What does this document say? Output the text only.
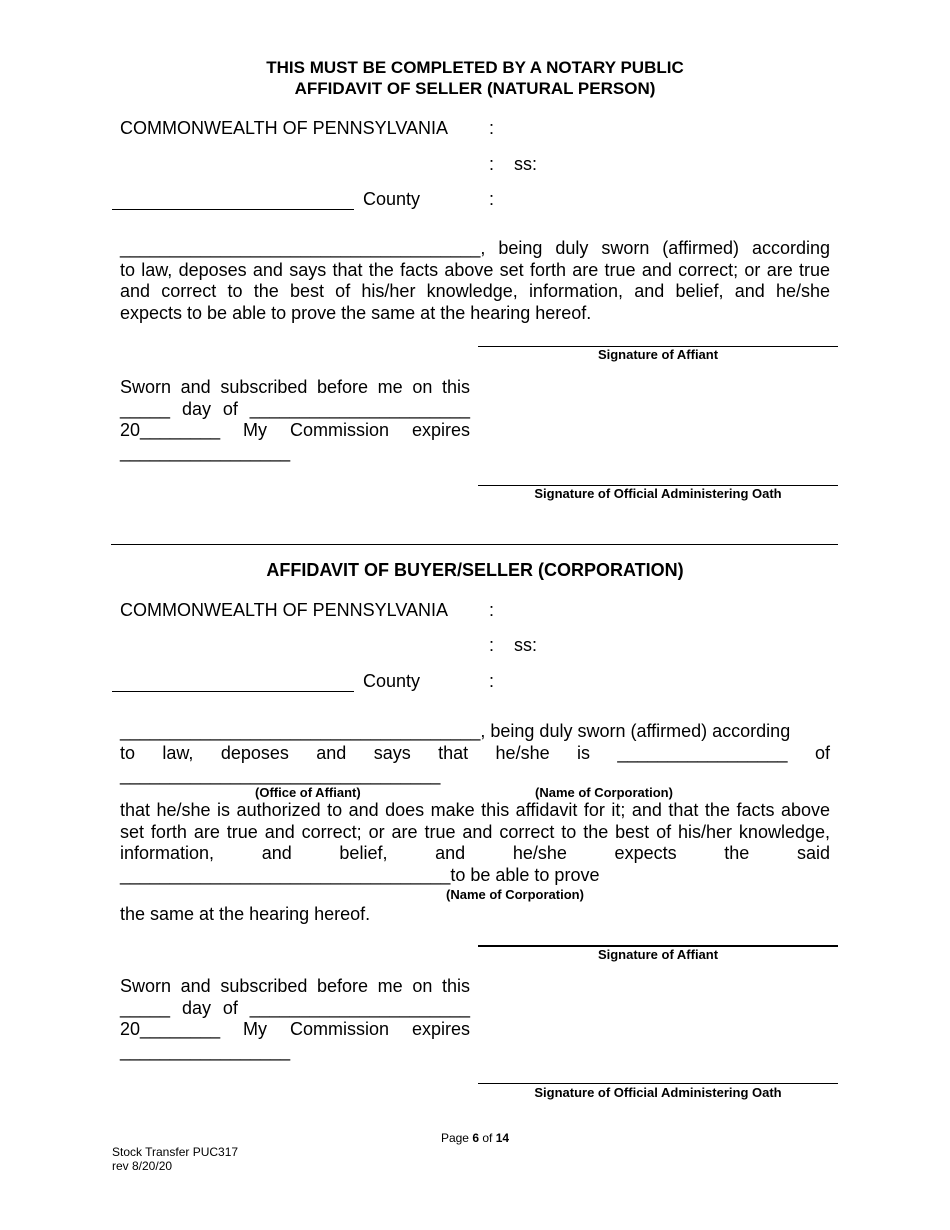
THIS MUST BE COMPLETED BY A NOTARY PUBLIC
AFFIDAVIT OF SELLER (NATURAL PERSON)
COMMONWEALTH OF PENNSYLVANIA :
: ss:
County	:
____________________________________, being duly sworn (affirmed) according
to law, deposes and says that the facts above set forth are true and correct; or are true
and correct to the best of his/her knowledge, information, and belief, and he/she
expects to be able to prove the same at the hearing hereof.
Signature of Affiant
Sworn and subscribed before me on this
_____ day of ______________________
20________ My Commission expires
_________________
Signature of Official Administering Oath
AFFIDAVIT OF BUYER/SELLER (CORPORATION)
COMMONWEALTH OF PENNSYLVANIA :
: ss:
County	:
____________________________________, being duly sworn (affirmed) according
to law, deposes and says that he/she is _________________ of
________________________________
(Office of Affiant)	(Name of Corporation)
that he/she is authorized to and does make this affidavit for it; and that the facts above
set forth are true and correct; or are true and correct to the best of his/her knowledge,
information, and belief, and he/she expects the said
_________________________________to be able to prove
(Name of Corporation)
the same at the hearing hereof.
Signature of Affiant
Sworn and subscribed before me on this
_____ day of ______________________
20________ My Commission expires
_________________
Signature of Official Administering Oath
Page 6 of 14
Stock Transfer PUC317
rev 8/20/20
